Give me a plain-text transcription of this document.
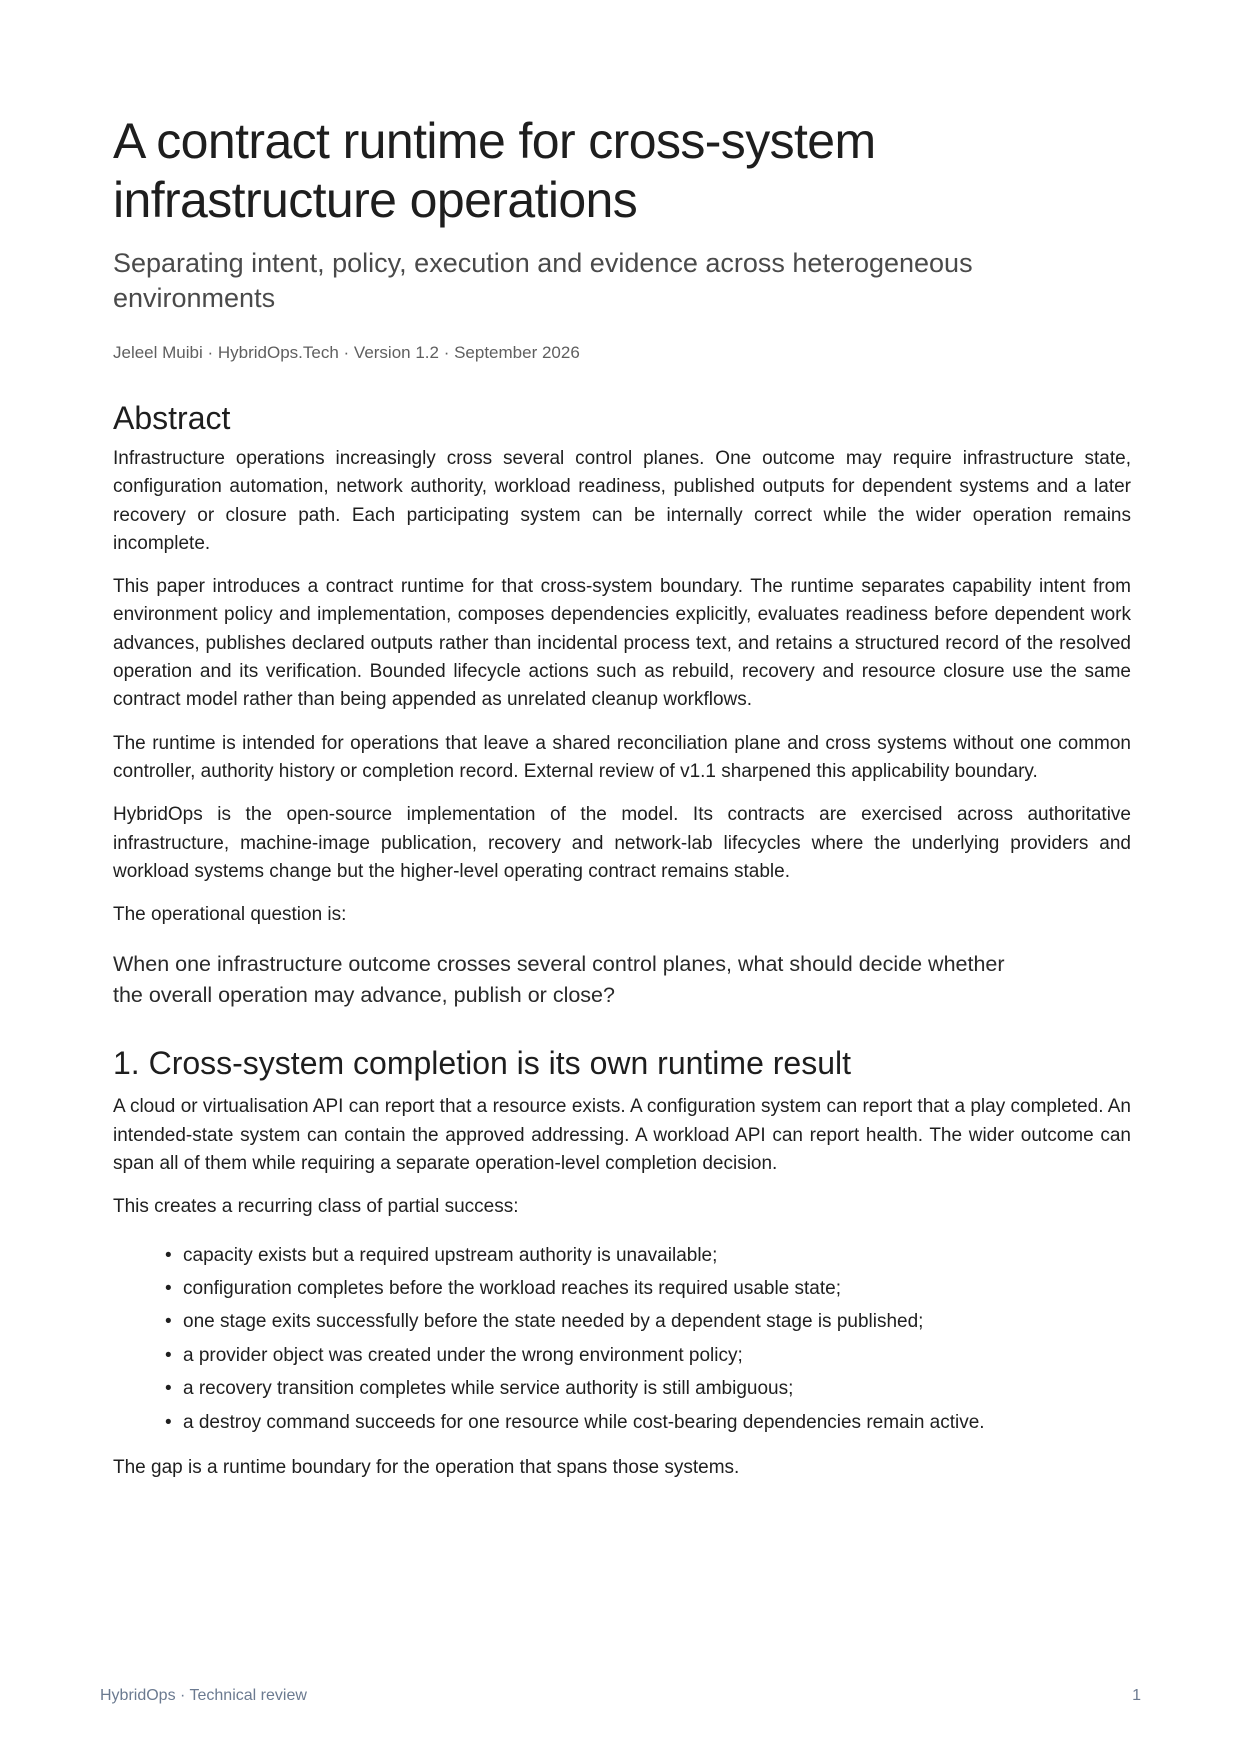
A contract runtime for cross-system infrastructure operations
Separating intent, policy, execution and evidence across heterogeneous environments
Jeleel Muibi · HybridOps.Tech · Version 1.2 · September 2026
Abstract

Infrastructure operations increasingly cross several control planes. One outcome may require infrastructure state, configuration automation, network authority, workload readiness, published outputs for dependent systems and a later recovery or closure path. Each participating system can be internally correct while the wider operation remains incomplete.

This paper introduces a contract runtime for that cross-system boundary. The runtime separates capability intent from environment policy and implementation, composes dependencies explicitly, evaluates readiness before dependent work advances, publishes declared outputs rather than incidental process text, and retains a structured record of the resolved operation and its verification. Bounded lifecycle actions such as rebuild, recovery and resource closure use the same contract model rather than being appended as unrelated cleanup workflows.

The runtime is intended for operations that leave a shared reconciliation plane and cross systems without one common controller, authority history or completion record. External review of v1.1 sharpened this applicability boundary.

HybridOps is the open-source implementation of the model. Its contracts are exercised across authoritative infrastructure, machine-image publication, recovery and network-lab lifecycles where the underlying providers and workload systems change but the higher-level operating contract remains stable.

The operational question is:

When one infrastructure outcome crosses several control planes, what should decide whether
the overall operation may advance, publish or close?
1. Cross-system completion is its own runtime result

A cloud or virtualisation API can report that a resource exists. A configuration system can report that a play completed. An intended-state system can contain the approved addressing. A workload API can report health. The wider outcome can span all of them while requiring a separate operation-level completion decision.

This creates a recurring class of partial success:

• capacity exists but a required upstream authority is unavailable;
• configuration completes before the workload reaches its required usable state;
• one stage exits successfully before the state needed by a dependent stage is published;
• a provider object was created under the wrong environment policy;
• a recovery transition completes while service authority is still ambiguous;
• a destroy command succeeds for one resource while cost-bearing dependencies remain active.

The gap is a runtime boundary for the operation that spans those systems.

HybridOps · Technical review	1
